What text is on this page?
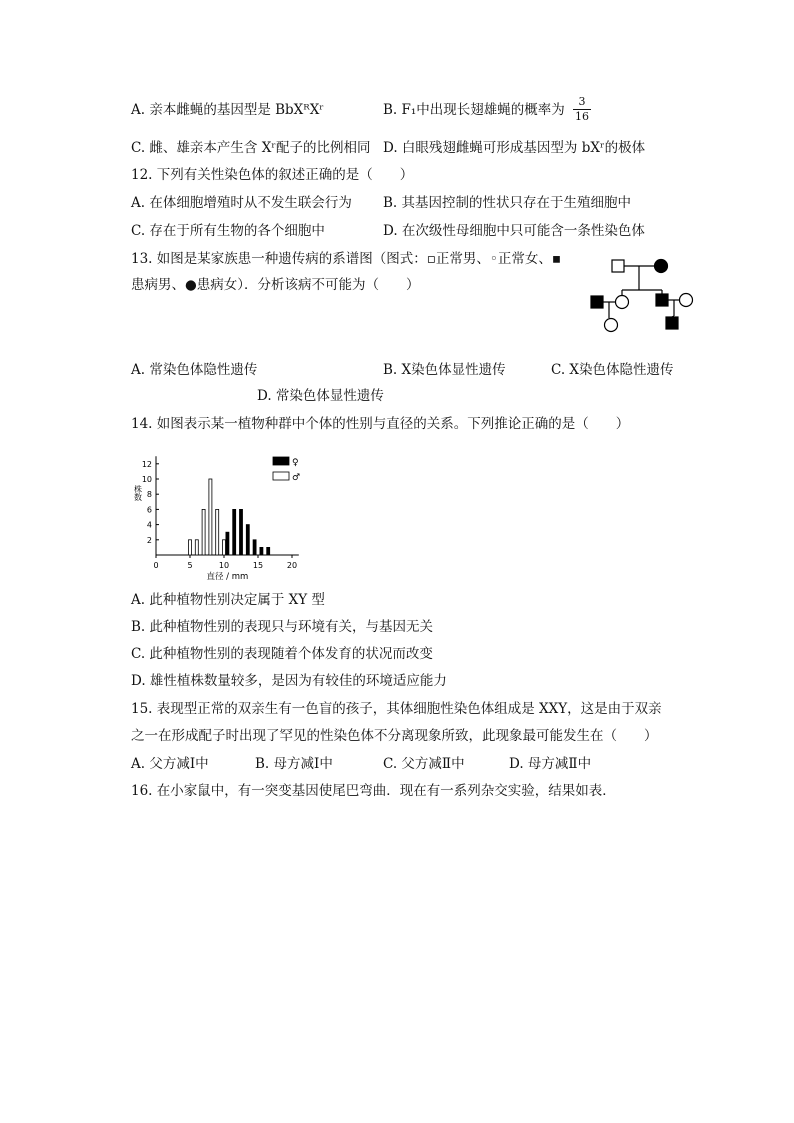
A. 亲本雌蝇的基因型是 BbXᴿXʳ	B. F₁中出现长翅雄蝇的概率为
3
16
C. 雌、雄亲本产生含 Xʳ配子的比例相同 D. 白眼残翅雌蝇可形成基因型为 bXʳ的极体
12. 下列有关性染色体的叙述正确的是（　　）
A. 在体细胞增殖时从不发生联会行为 B. 其基因控制的性状只存在于生殖细胞中
C. 存在于所有生物的各个细胞中	D. 在次级性母细胞中只可能含一条性染色体
13. 如图是某家族患一种遗传病的系谱图（图式：▫正常男、◦正常女、▪
患病男、●患病女）．分析该病不可能为（　　）
A. 常染色体隐性遗传	B. X染色体显性遗传	C. X染色体隐性遗传
D. 常染色体显性遗传
14. 如图表示某一植物种群中个体的性别与直径的关系。下列推论正确的是（　　）
2
4
6
8
10
12
0	5	10	15	20
株数
直径 / mm
♀
♂
A. 此种植物性别决定属于 XY 型
B. 此种植物性别的表现只与环境有关，与基因无关
C. 此种植物性别的表现随着个体发育的状况而改变
D. 雄性植株数量较多，是因为有较佳的环境适应能力
15. 表现型正常的双亲生有一色盲的孩子，其体细胞性染色体组成是 XXY，这是由于双亲
之一在形成配子时出现了罕见的性染色体不分离现象所致，此现象最可能发生在（　　）
A. 父方减Ⅰ中	B. 母方减Ⅰ中	C. 父方减Ⅱ中	D. 母方减Ⅱ中
16. 在小家鼠中，有一突变基因使尾巴弯曲．现在有一系列杂交实验，结果如表．
